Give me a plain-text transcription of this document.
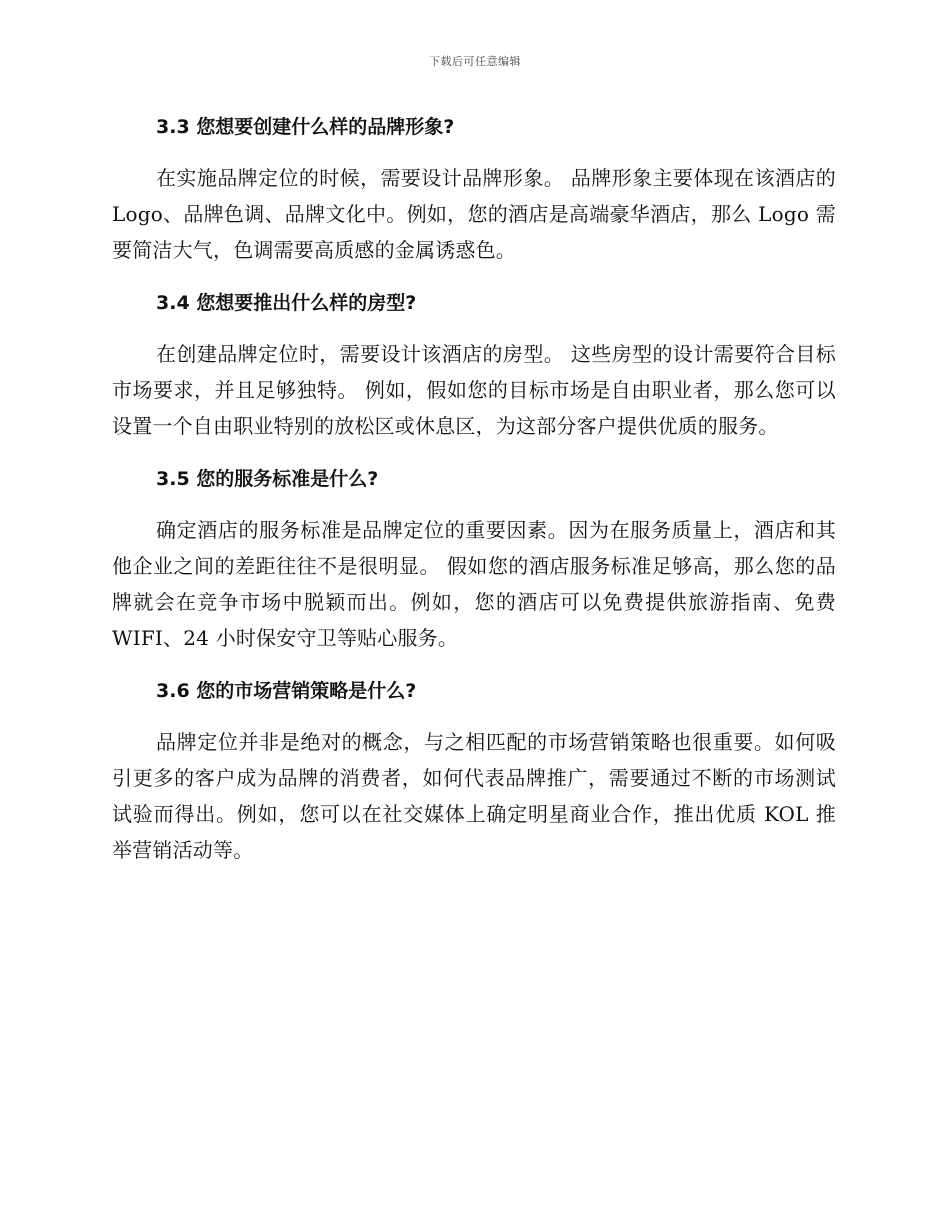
下载后可任意编辑
3.3 您想要创建什么样的品牌形象?

在实施品牌定位的时候，需要设计品牌形象。 品牌形象主要体现在该酒店的 Logo、品牌色调、品牌文化中。例如，您的酒店是高端豪华酒店，那么 Logo 需要简洁大气，色调需要高质感的金属诱惑色。

3.4 您想要推出什么样的房型?

在创建品牌定位时，需要设计该酒店的房型。 这些房型的设计需要符合目标市场要求，并且足够独特。 例如，假如您的目标市场是自由职业者，那么您可以设置一个自由职业特别的放松区或休息区，为这部分客户提供优质的服务。

3.5 您的服务标准是什么?

确定酒店的服务标准是品牌定位的重要因素。因为在服务质量上，酒店和其他企业之间的差距往往不是很明显。 假如您的酒店服务标准足够高，那么您的品牌就会在竞争市场中脱颖而出。例如，您的酒店可以免费提供旅游指南、免费 WIFI、24 小时保安守卫等贴心服务。

3.6 您的市场营销策略是什么?

品牌定位并非是绝对的概念，与之相匹配的市场营销策略也很重要。如何吸引更多的客户成为品牌的消费者，如何代表品牌推广，需要通过不断的市场测试试验而得出。例如，您可以在社交媒体上确定明星商业合作，推出优质 KOL 推举营销活动等。
